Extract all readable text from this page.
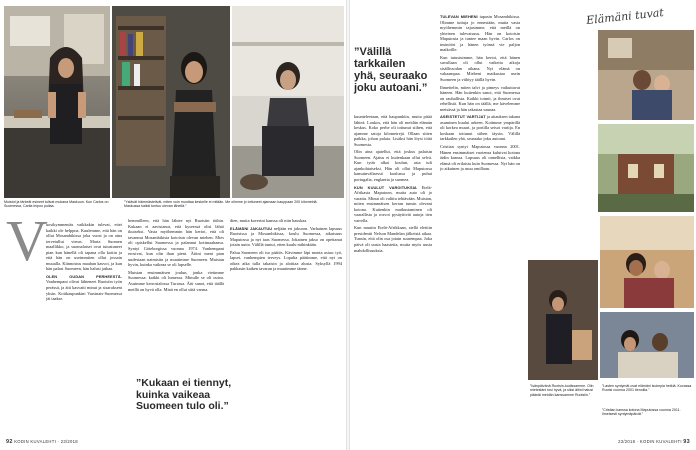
Muistot ja tärkeät esineet tulivat mukana Maskuun. Kun Carlos on Suomessa, Carlla leipoo pullaa.
”Ystävät hämmästelivät, miten voin muuttaa keskelle ei mitään. Me olimme jo tottuneet ajamaan kauppaan 200 kilometriä. Maskussa kaikki tuntuu olevan lähellä.”
V

uosikymmentäs vaikkakin tulevat, ettei kaikki ole helppoa. Kuulemme, että hän on ollut Mosambikissa joka vuosi ja on aina tervetullut vieras. Maria Suomen maallikko, ja suomalaiset ovat tutustuneet pian kun hänellä oli tapana olla kotiin ja että hän on useimmiten ollut jossain muualla. Kiinnostus maahan kasvoi, ja kun hän palasi Suomeen, hän halusi jatkaa.

OLEN OUDAN PERHEESTÄ. Vanhempani olivat lähteneet Ruotsiin työn perässä, ja äiti kasvatti minut ja sisarukseni yksin. Kotikaupunkini Varsinais-Suomessa jäi taakse.

hemmilleen, että hän lähtee nyt Ruotsiin töihin. Kukaan ei aavistanut, että kyseessä olisi lähtö ikuiseksi. Vasta myöhemmin hän kertoi, että oli tavannut Mosambikista kotoisin olevan miehen. Mies oli opiskellut Suomessa ja palannut kotimaahansa. Syntyi Göteborgissa vuonna 1974. Vanhempani erosivat, kun olin ihan pieni. Äitini meni pian uudestaan naimisiin ja muutimme Suomeen. Muistan hyvin, kuinka vaikeaa se oli lapselle.

Muistan ensimmäisen joulun, jonka vietimme Suomessa: kaikki oli lumessa. Minulle se oli outoa. Asuimme kerrostalossa Turussa. Äiti sanoi, että täällä meillä on hyvä olla. Minä en ollut siitä varma.

dien, mutta kaverini kanssa oli niin hauskaa.

ELÄMÄNI JAKAUTUU neljään eri jaksoon. Varhainen lapsuus Ruotsissa ja Mosambikissa, koulu Suomessa, aikuisuus Maputossa ja nyt taas Suomessa. Jokainen jakso on opettanut jotain uutta. Välillä tuntui, etten kuulu mihinkään.

Paluu Suomeen oli iso päätös. Kävimme läpi monta asiaa: työ, lapset, vanhempien terveys. Lopulta päätimme, että nyt on oikea aika tulla takaisin ja aloittaa alusta. Syksyllä 1994 pakkasin kaiken tavaran ja muutimme tänne.

”Kukaan ei tiennyt, kuinka vaikeaa Suomeen tulo oli.”
92 KODIN KUVALEHTI · 23/2018
”Välillä tarkkailen yhä, seuraako joku autoani.”

kuunteleetaan, että kaupunkiin, mutta pitää lähteä. Loukos, että hän oli meidän elämän keskus. Koko perhe oli tottunut siihen, että ajamme satoja kilometrejä. Ollaan sitten paikka, johon palata. Lisäksi hän löysi töitä Suomesta.

Olin aina ajatellut, että joskus palaisin Suomeen. Ajatus ei kuitenkaan ollut selvä. Kun tytär alkoi koulun, asia tuli ajankohtaiseksi. Hän oli ollut Maputossa kansainvälisessä koulussa ja puhui portugalia, englantia ja suomea.

KUN KUULUT VAROITUKSIA Etelä-Afrikasta Maputoon, mutta auto oli jo varattu. Minut oli valittu tehtävään. Muistan, miten ensimmäisen kerran tunsin olevani kotona. Kuitenkin matkustaminen oli vaarallista ja rosvot pysäyttivät autoja tien varrella.

Kun muutin Etelä-Afrikkaan, siellä elettiin presidentti Nelson Mandelan jälkeistä aikaa. Tunsin, että olin osa jotain suurempaa. Joka päivä oli uusia haasteita, mutta myös uusia mahdollisuuksia.

TULEVAN MIEHENI tapasin Mosambikissa. Olimme tuttuja jo ennestään, mutta vasta myöhemmin tajusimme, että meillä on yhteinen tulevaisuus. Hän on kotoisin Maputosta ja tuntee maan hyvin. Carlos on insinööri ja hänen työnsä vie paljon matkoille.

Kun tutustuimme, hän kertoi, että hänen suvullaan oli ollut vaikeita aikoja sisällissodan aikana. Nyt elämä on vakaampaa. Mieheni matkustaa usein Suomeen ja viihtyy täällä hyvin.

Ihmettelin, miten talvi ja pimeys vaikuttavat häneen. Hän kuitenkin sanoi, että Suomessa on rauhallista. Kaikki toimii, ja ihmiset ovat rehellisiä. Kun hän on täällä, me kävelemme metsässä ja hän rakastaa saunaa.

ASEISTETUT VARTIJAT ja aitauksen takana asuminen kuului arkeen. Kotimme ympärillä oli korkea muuri, ja portilla seisoi vartija. En koskaan tottunut siihen täysin. Välillä tarkkailen yhä, seuraako joku autoani.

Cristian syntyi Maputossa vuonna 2001. Hänen ensimmäiset vuotensa kuluivat kotona äidin kanssa. Lapsuus oli onnellista, vaikka elämä oli erilaista kuin Suomessa. Nyt hän on jo aikuinen ja asuu omillaan.

Elämäni tuvat
”Isänpäivänä Ruotsin-kodissamme. Olin mielestäni tosi hyvä, ja siksi äitini halusi päästä meidän kanssamme Ruotsiin.”
”Lasten syntymät ovat elämäni isoimpia hetkiä. Kuvassa Ruotsi vuonna 2001 tienoilla.”
”Cristian kanssa kotona Maputossa vuonna 2011. Ilmeisesti syntymäpäivät.”
23/2018 · KODIN KUVALEHTI 93
